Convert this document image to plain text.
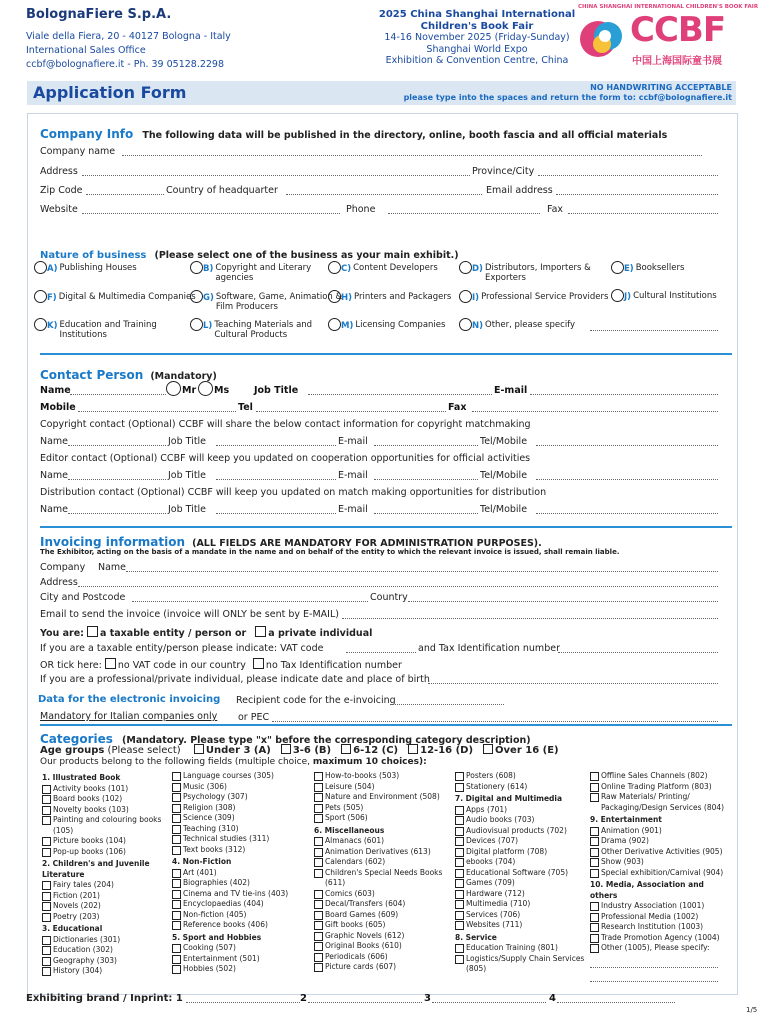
BolognaFiere S.p.A.
Viale della Fiera, 20 - 40127 Bologna - Italy
International Sales Office
ccbf@bolognafiere.it - Ph. 39 05128.2298
2025 China Shanghai International
Children's Book Fair
14-16 November 2025 (Friday-Sunday)
Shanghai World Expo
Exhibition & Convention Centre, China
CHINA SHANGHAI INTERNATIONAL CHILDREN'S BOOK FAIR
CCBF
中国上海国际童书展
Application Form	NO HANDWRITING ACCEPTABLE
please type into the spaces and return the form to: ccbf@bolognafiere.it
Company Info The following data will be published in the directory, online, booth fascia and all official materials
Company name
Address	Province/City
Zip Code	Country of headquarter	Email address
Website	Phone	Fax
Nature of business (Please select one of the business as your main exhibit.)
A) Publishing Houses	B) Copyright and Literary agencies
C) Content Developers	D) Distributors, Importers & Exporters
E) Booksellers
F) Digital & Multimedia Companies G) Software, Game, Animation & Film Producers
H) Printers and Packagers	I) Professional Service Providers	J) Cultural Institutions
K) Education and Training Institutions
L) Teaching Materials and Cultural Products
M) Licensing Companies	N) Other, please specify
Contact Person (Mandatory)
Name	Mr Ms	Job Title	E-mail
Mobile	Tel	Fax
Copyright contact (Optional) CCBF will share the below contact information for copyright matchmaking
Name	Job Title	E-mail	Tel/Mobile
Editor contact (Optional) CCBF will keep you updated on cooperation opportunities for official activities
Name	Job Title	E-mail	Tel/Mobile
Distribution contact (Optional) CCBF will keep you updated on match making opportunities for distribution
Name	Job Title	E-mail	Tel/Mobile
Invoicing information (ALL FIELDS ARE MANDATORY FOR ADMINISTRATION PURPOSES).
The Exhibitor, acting on the basis of a mandate in the name and on behalf of the entity to which the relevant invoice is issued, shall remain liable.
Company Name
Address
City and Postcode	Country
Email to send the invoice (invoice will ONLY be sent by E-MAIL)
You are: a taxable entity / person or a private individual
If you are a taxable entity/person please indicate: VAT code	and Tax Identification number
OR tick here: no VAT code in our country no Tax Identification number
If you are a professional/private individual, please indicate date and place of birth
Data for the electronic invoicing Recipient code for the e-invoicing
Mandatory for Italian companies only or PEC
Categories (Mandatory. Please type "x" before the corresponding category description)
Age groups (Please select)	Under 3 (A) 3-6 (B) 6-12 (C) 12-16 (D) Over 16 (E)
Our products belong to the following fields (multiple choice, maximum 10 choices):
1. Illustrated Book
Activity books (101)
Board books (102)
Novelty books (103)
Painting and colouring books (105)
Picture books (104)
Pop-up books (106)
2. Children's and Juvenile Literature
Fairy tales (204)
Fiction (201)
Novels (202)
Poetry (203)
3. Educational
Dictionaries (301)
Education (302)
Geography (303)
History (304)
Language courses (305)
Music (306)
Psychology (307)
Religion (308)
Science (309)
Teaching (310)
Technical studies (311)
Text books (312)
4. Non-Fiction
Art (401)
Biographies (402)
Cinema and TV tie-ins (403)
Encyclopaedias (404)
Non-fiction (405)
Reference books (406)
5. Sport and Hobbies
Cooking (507)
Entertainment (501)
Hobbies (502)
How-to-books (503)
Leisure (504)
Nature and Environment (508)
Pets (505)
Sport (506)
6. Miscellaneous
Almanacs (601)
Animation Derivatives (613)
Calendars (602)
Children's Special Needs Books (611)
Comics (603)
Decal/Transfers (604)
Board Games (609)
Gift books (605)
Graphic Novels (612)
Original Books (610)
Periodicals (606)
Picture cards (607)
Posters (608)
Stationery (614)
7. Digital and Multimedia
Apps (701)
Audio books (703)
Audiovisual products (702)
Devices (707)
Digital platform (708)
ebooks (704)
Educational Software (705)
Games (709)
Hardware (712)
Multimedia (710)
Services (706)
Websites (711)
8. Service
Education Training (801)
Logistics/Supply Chain Services (805)
Offline Sales Channels (802)
Online Trading Platform (803)
Raw Materials/ Printing/ Packaging/Design Services (804)
9. Entertainment
Animation (901)
Drama (902)
Other Derivative Activities (905)
Show (903)
Special exhibition/Carnival (904)
10. Media, Association and others
Industry Association (1001)
Professional Media (1002)
Research Institution (1003)
Trade Promotion Agency (1004)
Other (1005), Please specify:
Exhibiting brand / Inprint: 1	2	3	4
1/5
